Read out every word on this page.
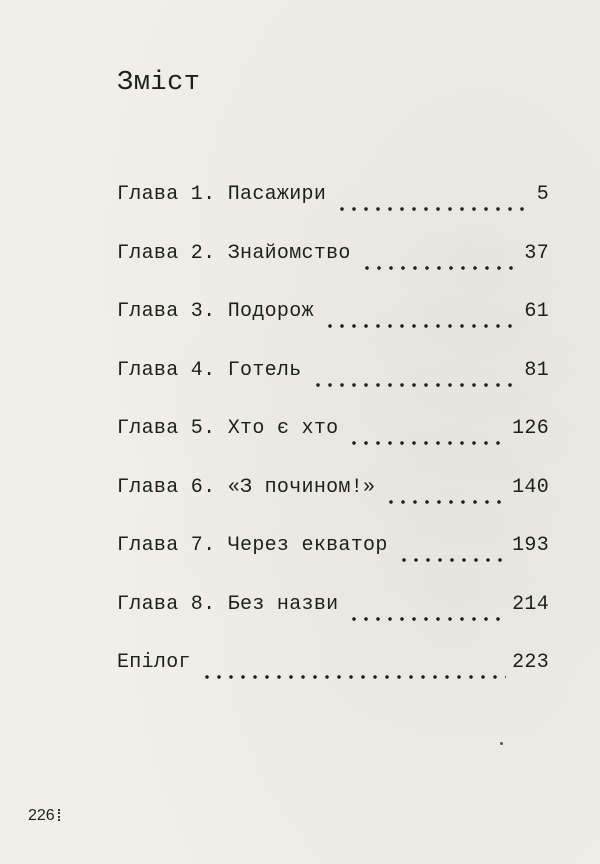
Зміст
Глава 1. Пасажири	5
Глава 2. Знайомство	37
Глава 3. Подорож	61
Глава 4. Готель	81
Глава 5. Хто є хто	126
Глава 6. «З почином!»	140
Глава 7. Через екватор	193
Глава 8. Без назви	214
Епілог	223
226
